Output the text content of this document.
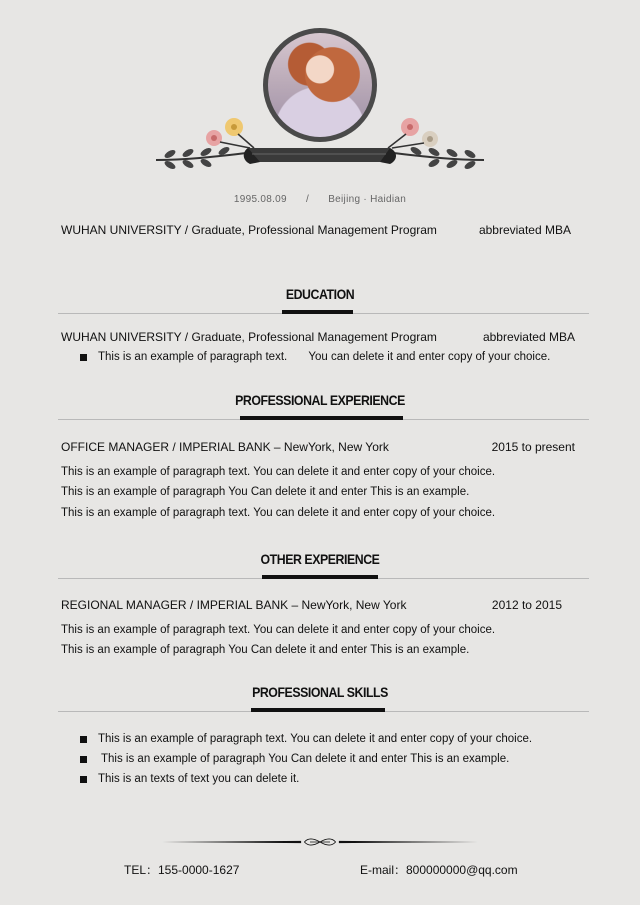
1995.08.09 / Beijing · Haidian
WUHAN UNIVERSITY / Graduate, Professional Management Program	abbreviated MBA
EDUCATION
WUHAN UNIVERSITY / Graduate, Professional Management Program	abbreviated MBA
This is an example of paragraph text. You can delete it and enter copy of your choice.
PROFESSIONAL EXPERIENCE
OFFICE MANAGER / IMPERIAL BANK – NewYork, New York	2015 to present
This is an example of paragraph text. You can delete it and enter copy of your choice.
This is an example of paragraph You Can delete it and enter This is an example.
This is an example of paragraph text. You can delete it and enter copy of your choice.
OTHER EXPERIENCE
REGIONAL MANAGER / IMPERIAL BANK – NewYork, New York	2012 to 2015
This is an example of paragraph text. You can delete it and enter copy of your choice.
This is an example of paragraph You Can delete it and enter This is an example.
PROFESSIONAL SKILLS
This is an example of paragraph text. You can delete it and enter copy of your choice.
This is an example of paragraph You Can delete it and enter This is an example.
This is an texts of text you can delete it.
TEL：155-0000-1627	E-mail：800000000@qq.com
